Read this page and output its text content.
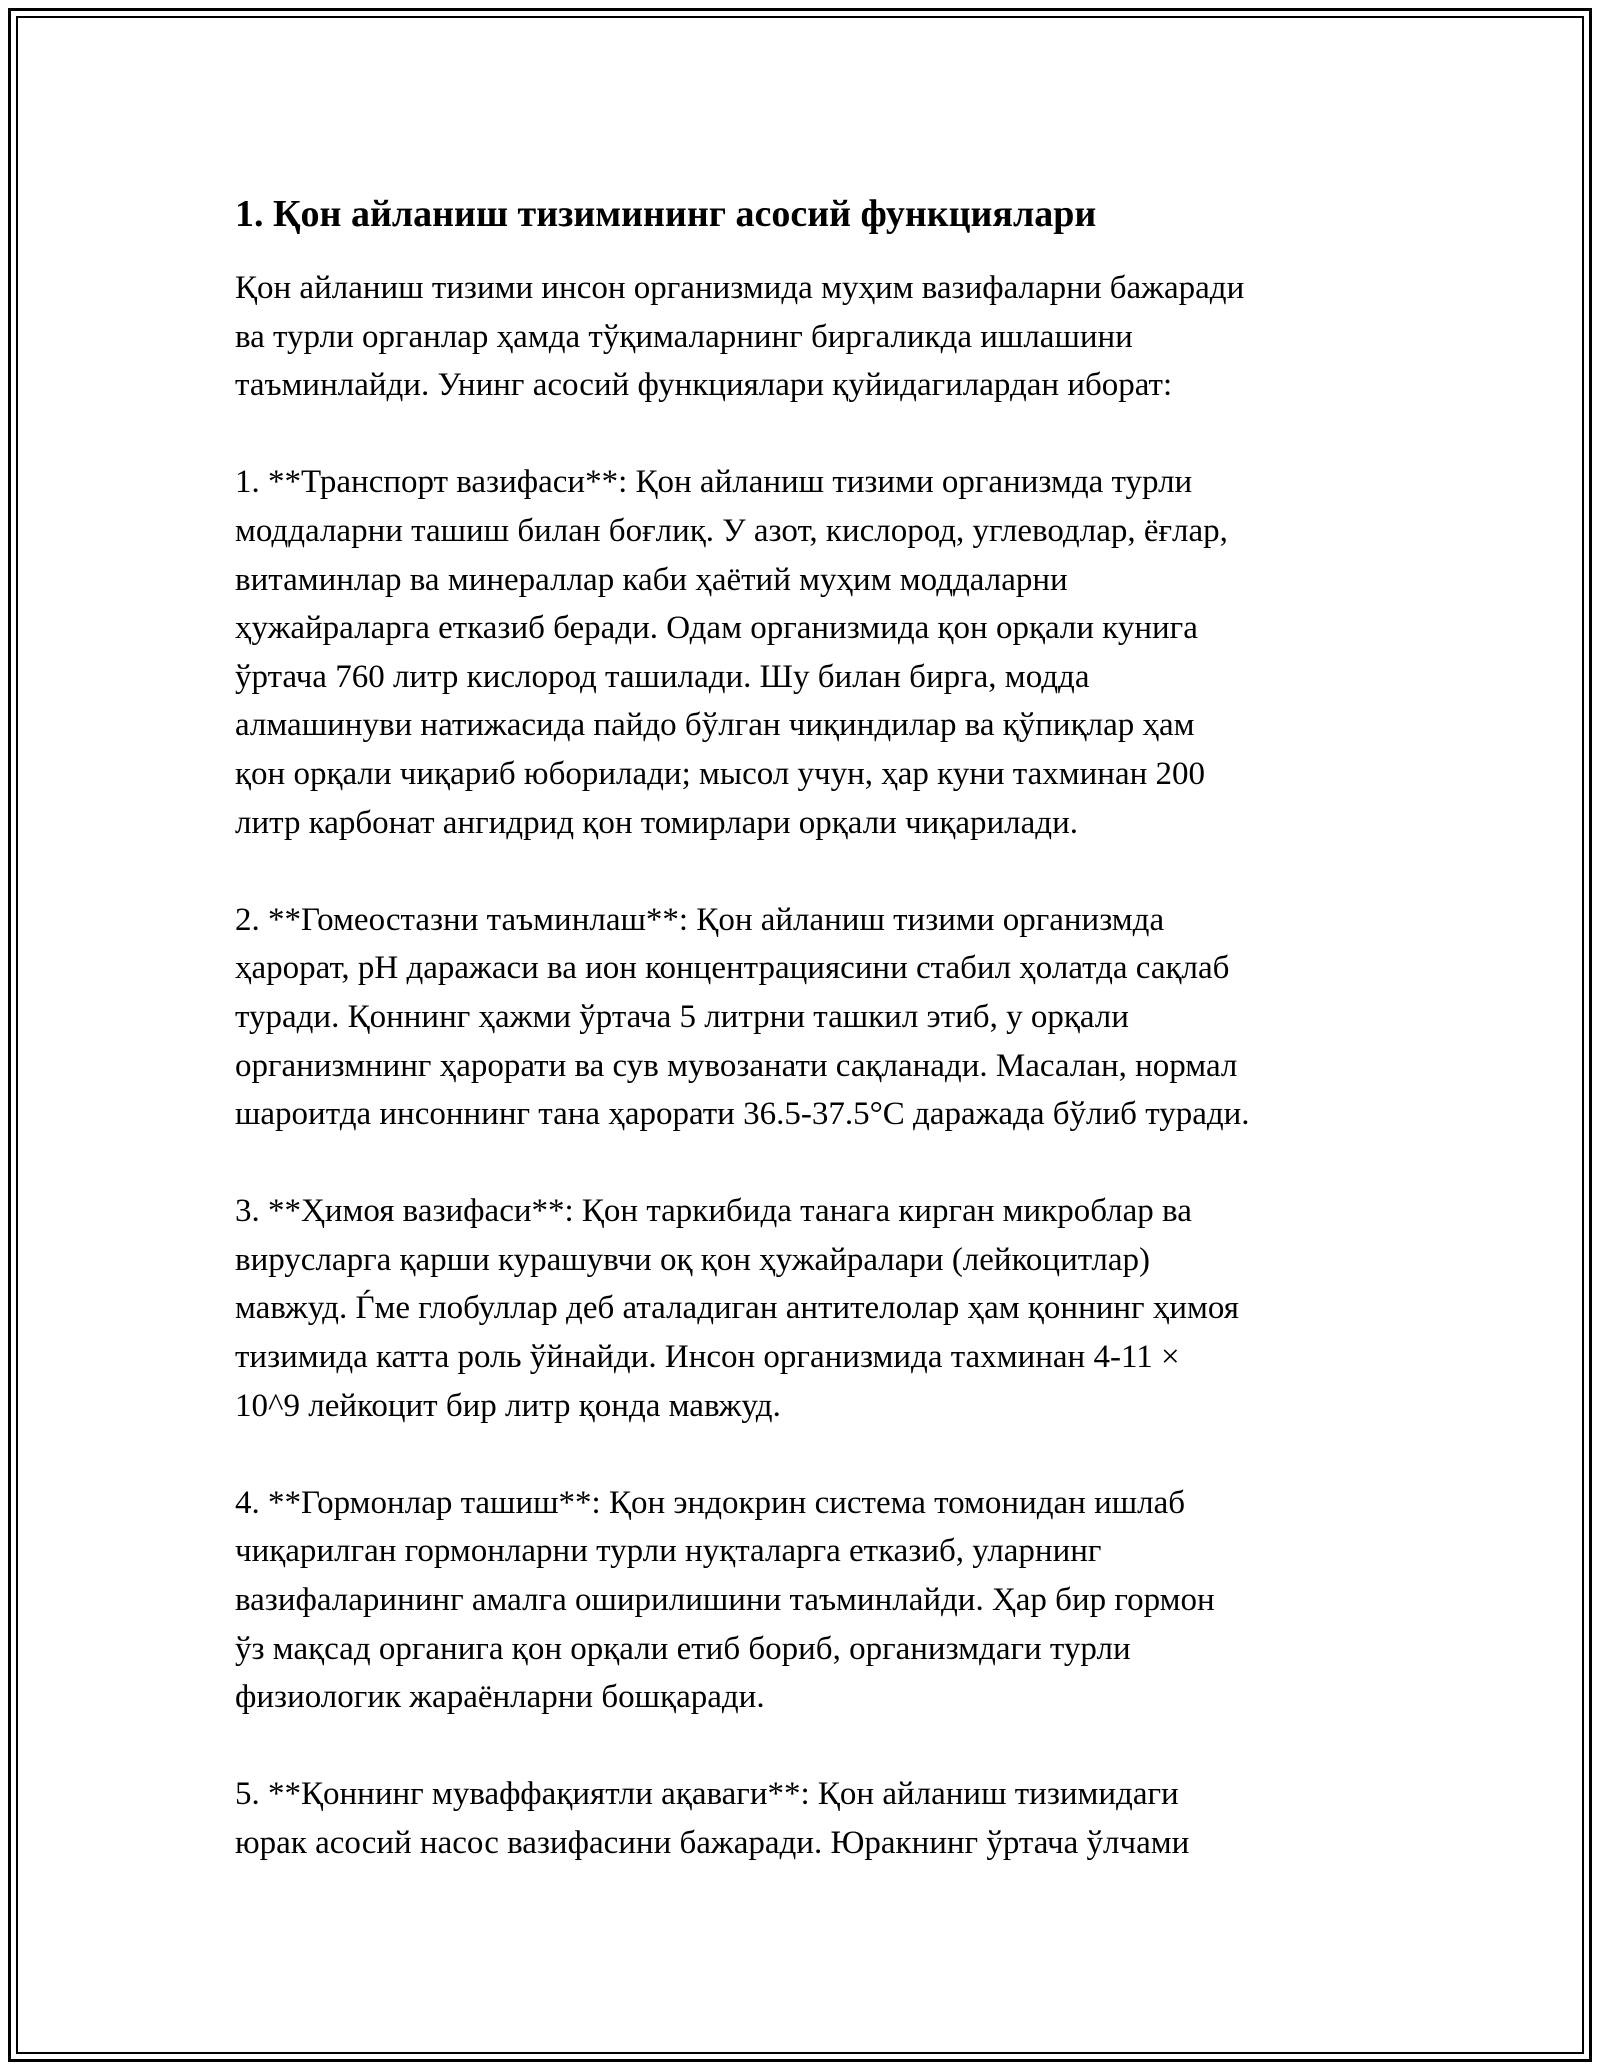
1. Қон айланиш тизимининг асосий функциялари

Қон айланиш тизими инсон организмида муҳим вазифаларни бажаради
ва турли органлар ҳамда тўқималарнинг биргаликда ишлашини
таъминлайди. Унинг асосий функциялари қуйидагилардан иборат:

1. **Транспорт вазифаси**: Қон айланиш тизими организмда турли
моддаларни ташиш билан боғлиқ. У азот, кислород, углеводлар, ёғлар,
витаминлар ва минераллар каби ҳаётий муҳим моддаларни
ҳужайраларга етказиб беради. Одам организмида қон орқали кунига
ўртача 760 литр кислород ташилади. Шу билан бирга, модда
алмашинуви натижасида пайдо бўлган чиқиндилар ва қўпиқлар ҳам
қон орқали чиқариб юборилади; мысол учун, ҳар куни тахминан 200
литр карбонат ангидрид қон томирлари орқали чиқарилади.

2. **Гомеостазни таъминлаш**: Қон айланиш тизими организмда
ҳарорат, pH даражаси ва ион концентрациясини стабил ҳолатда сақлаб
туради. Қоннинг ҳажми ўртача 5 литрни ташкил этиб, у орқали
организмнинг ҳарорати ва сув мувозанати сақланади. Масалан, нормал
шароитда инсоннинг тана ҳарорати 36.5-37.5°C даражада бўлиб туради.

3. **Ҳимоя вазифаси**: Қон таркибида танага кирган микроблар ва
вирусларга қарши курашувчи оқ қон ҳужайралари (лейкоцитлар)
мавжуд. Ѓме глобуллар деб аталадиган антителолар ҳам қоннинг ҳимоя
тизимида катта роль ўйнайди. Инсон организмида тахминан 4-11 ×
10^9 лейкоцит бир литр қонда мавжуд.

4. **Гормонлар ташиш**: Қон эндокрин система томонидан ишлаб
чиқарилган гормонларни турли нуқталарга етказиб, уларнинг
вазифаларининг амалга оширилишини таъминлайди. Ҳар бир гормон
ўз мақсад органига қон орқали етиб бориб, организмдаги турли
физиологик жараёнларни бошқаради.

5. **Қоннинг муваффақиятли ақаваги**: Қон айланиш тизимидаги
юрак асосий насос вазифасини бажаради. Юракнинг ўртача ўлчами
